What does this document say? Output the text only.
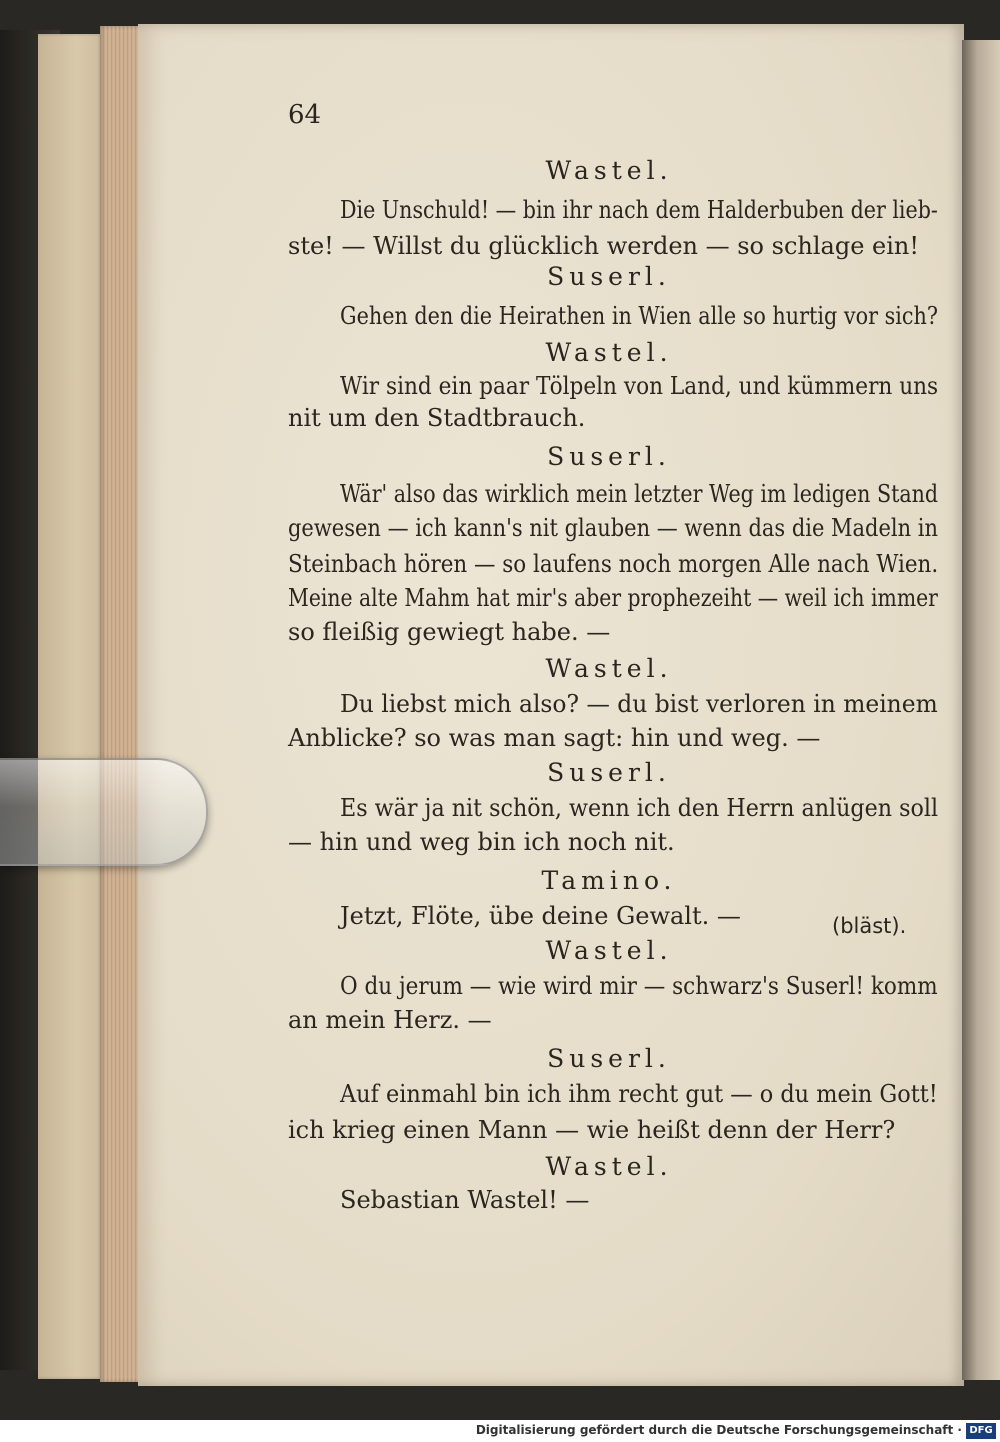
64
Wastel.
Die Unschuld! — bin ihr nach dem Halderbuben der lieb-
ste! — Willst du glücklich werden — so schlage ein!
Suserl.
Gehen den die Heirathen in Wien alle so hurtig vor sich?
Wastel.
Wir sind ein paar Tölpeln von Land, und kümmern uns
nit um den Stadtbrauch.
Suserl.
Wär' also das wirklich mein letzter Weg im ledigen Stand
gewesen — ich kann's nit glauben — wenn das die Madeln in
Steinbach hören — so laufens noch morgen Alle nach Wien.
Meine alte Mahm hat mir's aber prophezeiht — weil ich immer
so fleißig gewiegt habe. —
Wastel.
Du liebst mich also? — du bist verloren in meinem
Anblicke? so was man sagt: hin und weg. —
Suserl.
Es wär ja nit schön, wenn ich den Herrn anlügen soll
— hin und weg bin ich noch nit.
Tamino.
Jetzt, Flöte, übe deine Gewalt. —
Wastel.
O du jerum — wie wird mir — schwarz's Suserl! komm
an mein Herz. —
Suserl.
Auf einmahl bin ich ihm recht gut — o du mein Gott!
ich krieg einen Mann — wie heißt denn der Herr?
Wastel.
Sebastian Wastel! —
(bläst).
Digitalisierung gefördert durch die Deutsche Forschungsgemeinschaft · DFG
